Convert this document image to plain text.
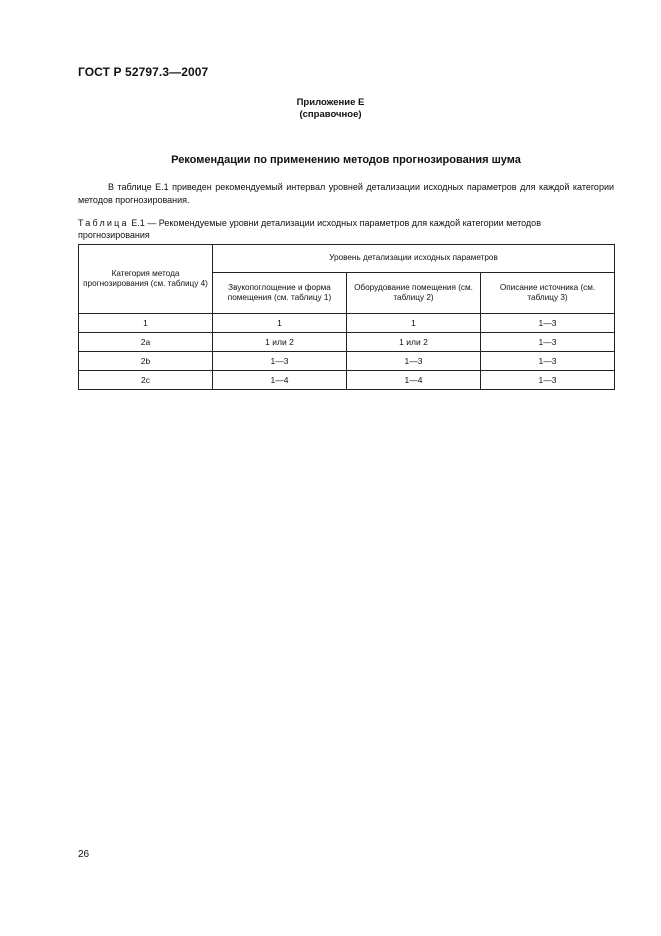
ГОСТ Р 52797.3—2007
Приложение Е
(справочное)
Рекомендации по применению методов прогнозирования шума
В таблице Е.1 приведен рекомендуемый интервал уровней детализации исходных параметров для каждой категории методов прогнозирования.
Таблица Е.1 — Рекомендуемые уровни детализации исходных параметров для каждой категории методов прогнозирования
Категория метода прогнозирования (см. таблицу 4)	Уровень детализации исходных параметров		
	Звукопоглощение и форма помещения (см. таблицу 1)	Оборудование помещения (см. таблицу 2)	Описание источника (см. таблицу 3)
1	1	1	1—3
2a	1 или 2	1 или 2	1—3
2b	1—3	1—3	1—3
2c	1—4	1—4	1—3
26
